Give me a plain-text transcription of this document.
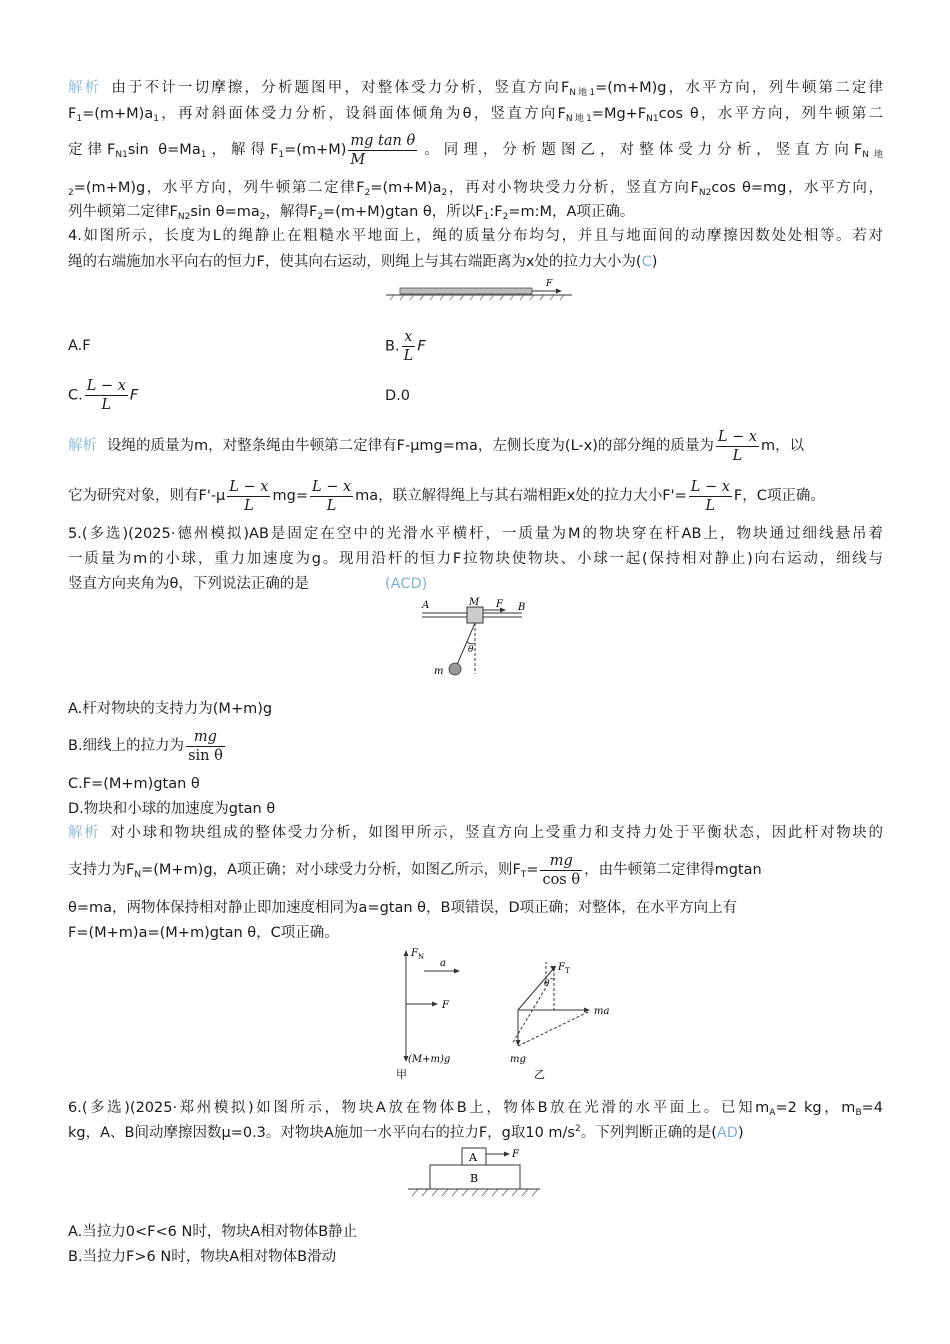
解析 由于不计一切摩擦，分析题图甲，对整体受力分析，竖直方向$F_{N地1}=(m+M)g$，水平方向，列牛顿第二定律
$F_1=(m+M)a_1$，再对斜面体受力分析，设斜面体倾角为θ，竖直方向$F_{N地1}=Mg+F_{N1}\cos$ θ，水平方向，列牛顿第二
定律$F_{N1}\sin$ $\theta=Ma_1$，解得$F_1=(m+M) \frac{\text{mg tan θ}}{M}$ 。同理，分析题图乙，对整体受力分析，竖直方向$F_{N地}$
$_2$=(m+M)g，水平方向，列牛顿第二定律$F_2=(m+M)a_2$，再对小物块受力分析，竖直方向$F_{N2}\cos$ θ=mg，水平方向，
列牛顿第二定律$F_{N2}\sin$ $\theta=ma_2$，解得$F_2=(m+M)gtan$ θ，所以$F_1:F_2=m:M$，A项正确。
4.如图所示，长度为L的绳静止在粗糙水平地面上，绳的质量分布均匀，并且与地面间的动摩擦因数处处相等。若对
绳的右端施加水平向右的恒力F，使其向右运动，则绳上与其右端距离为x处的拉力大小为(C)
F
A.F	B. $\frac{x}{L}$ F
C. $\frac{L - x}{L}$ F	D.0
解析 设绳的质量为m，对整条绳由牛顿第二定律有F-μmg=ma，左侧长度为(L-x)的部分绳的质量为 $\frac{L - x}{L}$ m，以
它为研究对象，则有$F'-\mu \frac{L - x}{L} mg= \frac{L - x}{L}$ ma，联立解得绳上与其右端相距x处的拉力大小$F'= \frac{L - x}{L}$ F，C项正确。
5.(多选)(2025·德州模拟)AB是固定在空中的光滑水平横杆，一质量为M的物块穿在杆AB上，物块通过细线悬吊着
一质量为m的小球，重力加速度为g。现用沿杆的恒力F拉物块使物块、小球一起(保持相对静止)向右运动，细线与
竖直方向夹角为θ，下列说法正确的是	(ACD)
A	B
M F
θ
m
A.杆对物块的支持力为(M+m)g
B.细线上的拉力为 $\frac{mg}{\text{sin θ}}$
C.F=(M+m)gtan θ
D.物块和小球的加速度为gtan θ
解析 对小球和物块组成的整体受力分析，如图甲所示，竖直方向上受重力和支持力处于平衡状态，因此杆对物块的
支持力为$F_N=(M+m)g$，A项正确；对小球受力分析，如图乙所示，则$F_T= \frac{mg}{\text{cos θ}}$ ，由牛顿第二定律得mgtan
θ=ma，两物体保持相对静止即加速度相同为a=gtan θ，B项错误，D项正确；对整体，在水平方向上有
F=(M+m)a=(M+m)gtan θ，C项正确。
$F_N$
a
F
(M+m)g
甲
$F_T$
θ
ma
mg
乙
6.(多选)(2025·郑州模拟)如图所示，物块A放在物体B上，物体B放在光滑的水平面上。已知$m_A=2$ kg，$m_B=4$
kg，A、B间动摩擦因数μ=0.3。对物块A施加一水平向右的拉力F，g取10 $m/s^2$。下列判断正确的是(AD)
A
B
F
A.当拉力0<F<6 N时，物块A相对物体B静止
B.当拉力F>6 N时，物块A相对物体B滑动
